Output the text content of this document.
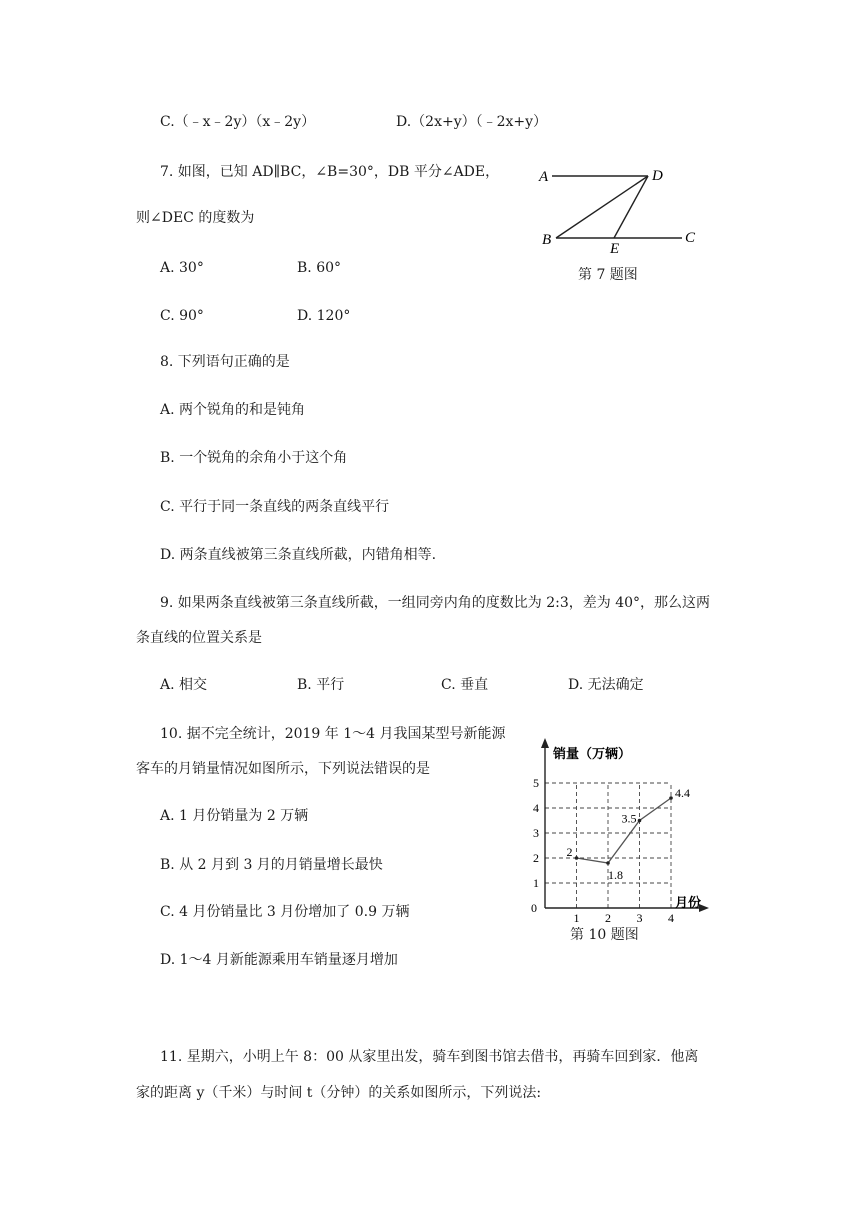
C.（﹣x﹣2y）（x﹣2y）	D.（2x+y）（﹣2x+y）
7. 如图，已知 AD∥BC，∠B=30°，DB 平分∠ADE，
则∠DEC 的度数为
A. 30°	B. 60°
C. 90°	D. 120°
A	D
B
E
C
第 7 题图
8. 下列语句正确的是
A. 两个锐角的和是钝角
B. 一个锐角的余角小于这个角
C. 平行于同一条直线的两条直线平行
D. 两条直线被第三条直线所截，内错角相等.
9. 如果两条直线被第三条直线所截，一组同旁内角的度数比为 2:3，差为 40°，那么这两
条直线的位置关系是
A. 相交	B. 平行	C. 垂直	D. 无法确定
10. 据不完全统计，2019 年 1～4 月我国某型号新能源
客车的月销量情况如图所示，下列说法错误的是
A. 1 月份销量为 2 万辆
B. 从 2 月到 3 月的月销量增长最快
C. 4 月份销量比 3 月份增加了 0.9 万辆
D. 1～4 月新能源乘用车销量逐月增加
销量（万辆）
月份
0
1
2
3
4
5
1 2 3 4
2
1.8
3.5
4.4
第 10 题图
11. 星期六，小明上午 8：00 从家里出发，骑车到图书馆去借书，再骑车回到家．他离
家的距离 y（千米）与时间 t（分钟）的关系如图所示，下列说法:
